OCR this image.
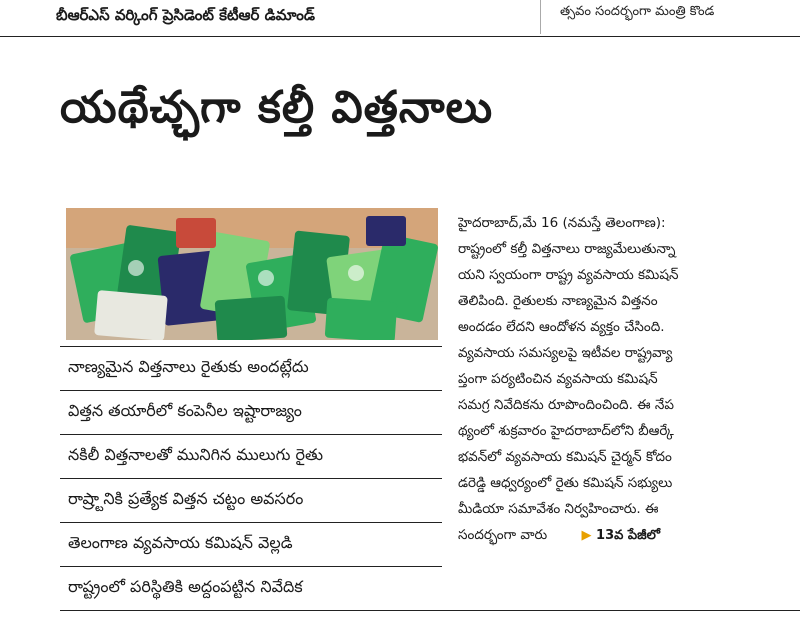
బీఆర్‌ఎస్ వర్కింగ్ ప్రెసిడెంట్ కేటీఆర్ డిమాండ్	త్సవం సందర్భంగా మంత్రి కొండ
యథేచ్ఛగా కల్తీ విత్తనాలు
నాణ్యమైన విత్తనాలు రైతుకు అందట్లేదు
విత్తన తయారీలో కంపెనీల ఇష్టారాజ్యం
నకిలీ విత్తనాలతో మునిగిన ములుగు రైతు
రాష్ర్టానికి ప్రత్యేక విత్తన చట్టం అవసరం
తెలంగాణ వ్యవసాయ కమిషన్ వెల్లడి
రాష్ట్రంలో పరిస్థితికి అద్దంపట్టిన నివేదిక
హైదరాబాద్,మే 16 (నమస్తే తెలంగాణ):
రాష్ట్రంలో కల్తీ విత్తనాలు రాజ్యమేలుతున్నా
యని స్వయంగా రాష్ట్ర వ్యవసాయ కమిషన్
తెలిపింది. రైతులకు నాణ్యమైన విత్తనం
అందడం లేదని ఆందోళన వ్యక్తం చేసింది.
వ్యవసాయ సమస్యలపై ఇటీవల రాష్ట్రవ్యా
ప్తంగా పర్యటించిన వ్యవసాయ కమిషన్
సమగ్ర నివేదికను రూపొందించింది. ఈ నేప
థ్యంలో శుక్రవారం హైదరాబాద్‌లోని బీఆర్కే
భవన్‌లో వ్యవసాయ కమిషన్ చైర్మన్ కోదం
డరెడ్డి ఆధ్వర్యంలో రైతు కమిషన్ సభ్యులు
మీడియా సమావేశం నిర్వహించారు. ఈ
సందర్భంగా వారు	▶ 13వ పేజీలో
